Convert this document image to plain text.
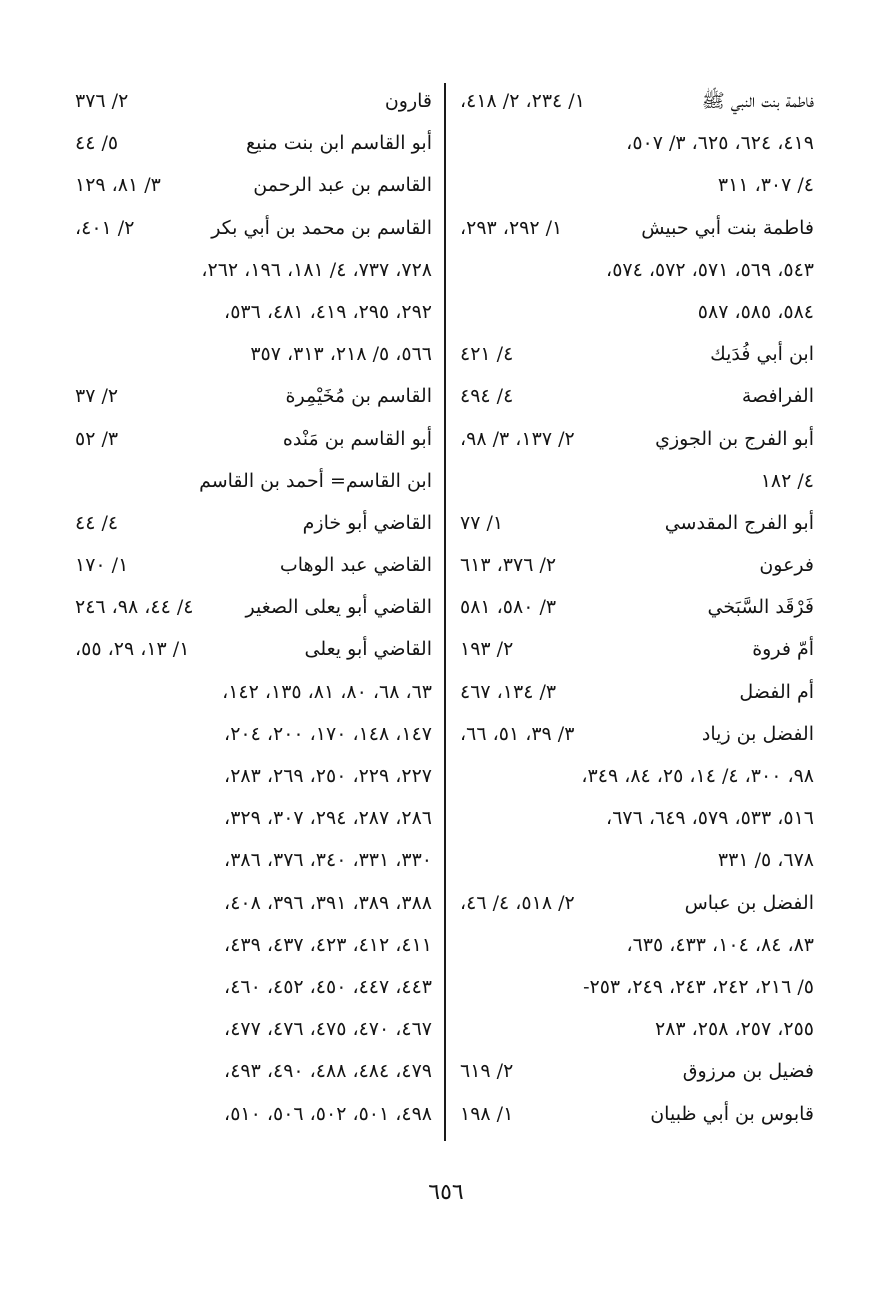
فاطمة بنت النبي ﷺ
١/ ٢٣٤، ٢/ ٤١٨،
٤١٩، ٦٢٤، ٦٢٥، ٣/ ٥٠٧،
٤/ ٣٠٧، ٣١١
فاطمة بنت أبي حبيش
١/ ٢٩٢، ٢٩٣،
٥٤٣، ٥٦٩، ٥٧١، ٥٧٢، ٥٧٤،
٥٨٤، ٥٨٥، ٥٨٧
ابن أبي فُدَيك
٤/ ٤٢١
الفرافصة
٤/ ٤٩٤
أبو الفرج بن الجوزي
٢/ ١٣٧، ٣/ ٩٨،
٤/ ١٨٢
أبو الفرج المقدسي
١/ ٧٧
فرعون
٢/ ٣٧٦، ٦١٣
فَرْقَد السَّبَخي
٣/ ٥٨٠، ٥٨١
أمّ فروة
٢/ ١٩٣
أم الفضل
٣/ ١٣٤، ٤٦٧
الفضل بن زياد
٣/ ٣٩، ٥١، ٦٦،
٩٨، ٣٠٠، ٤/ ١٤، ٢٥، ٨٤، ٣٤٩،
٥١٦، ٥٣٣، ٥٧٩، ٦٤٩، ٦٧٦،
٦٧٨، ٥/ ٣٣١
الفضل بن عباس
٢/ ٥١٨، ٤/ ٤٦،
٨٣، ٨٤، ١٠٤، ٤٣٣، ٦٣٥،
٥/ ٢١٦، ٢٤٢، ٢٤٣، ٢٤٩، ٢٥٣-
٢٥٥، ٢٥٧، ٢٥٨، ٢٨٣
فضيل بن مرزوق
٢/ ٦١٩
قابوس بن أبي ظبيان
١/ ١٩٨
قارون
٢/ ٣٧٦
أبو القاسم ابن بنت منيع
٥/ ٤٤
القاسم بن عبد الرحمن
٣/ ٨١، ١٢٩
القاسم بن محمد بن أبي بكر
٢/ ٤٠١،
٧٢٨، ٧٣٧، ٤/ ١٨١، ١٩٦، ٢٦٢،
٢٩٢، ٢٩٥، ٤١٩، ٤٨١، ٥٣٦،
٥٦٦، ٥/ ٢١٨، ٣١٣، ٣٥٧
القاسم بن مُخَيْمِرة
٢/ ٣٧
أبو القاسم بن مَنْده
٣/ ٥٢
ابن القاسم= أحمد بن القاسم
القاضي أبو خازم
٤/ ٤٤
القاضي عبد الوهاب
١/ ١٧٠
القاضي أبو يعلى الصغير
٤/ ٤٤، ٩٨، ٢٤٦
القاضي أبو يعلى
١/ ١٣، ٢٩، ٥٥،
٦٣، ٦٨، ٨٠، ٨١، ١٣٥، ١٤٢،
١٤٧، ١٤٨، ١٧٠، ٢٠٠، ٢٠٤،
٢٢٧، ٢٢٩، ٢٥٠، ٢٦٩، ٢٨٣،
٢٨٦، ٢٨٧، ٢٩٤، ٣٠٧، ٣٢٩،
٣٣٠، ٣٣١، ٣٤٠، ٣٧٦، ٣٨٦،
٣٨٨، ٣٨٩، ٣٩١، ٣٩٦، ٤٠٨،
٤١١، ٤١٢، ٤٢٣، ٤٣٧، ٤٣٩،
٤٤٣، ٤٤٧، ٤٥٠، ٤٥٢، ٤٦٠،
٤٦٧، ٤٧٠، ٤٧٥، ٤٧٦، ٤٧٧،
٤٧٩، ٤٨٤، ٤٨٨، ٤٩٠، ٤٩٣،
٤٩٨، ٥٠١، ٥٠٢، ٥٠٦، ٥١٠،
٦٥٦
